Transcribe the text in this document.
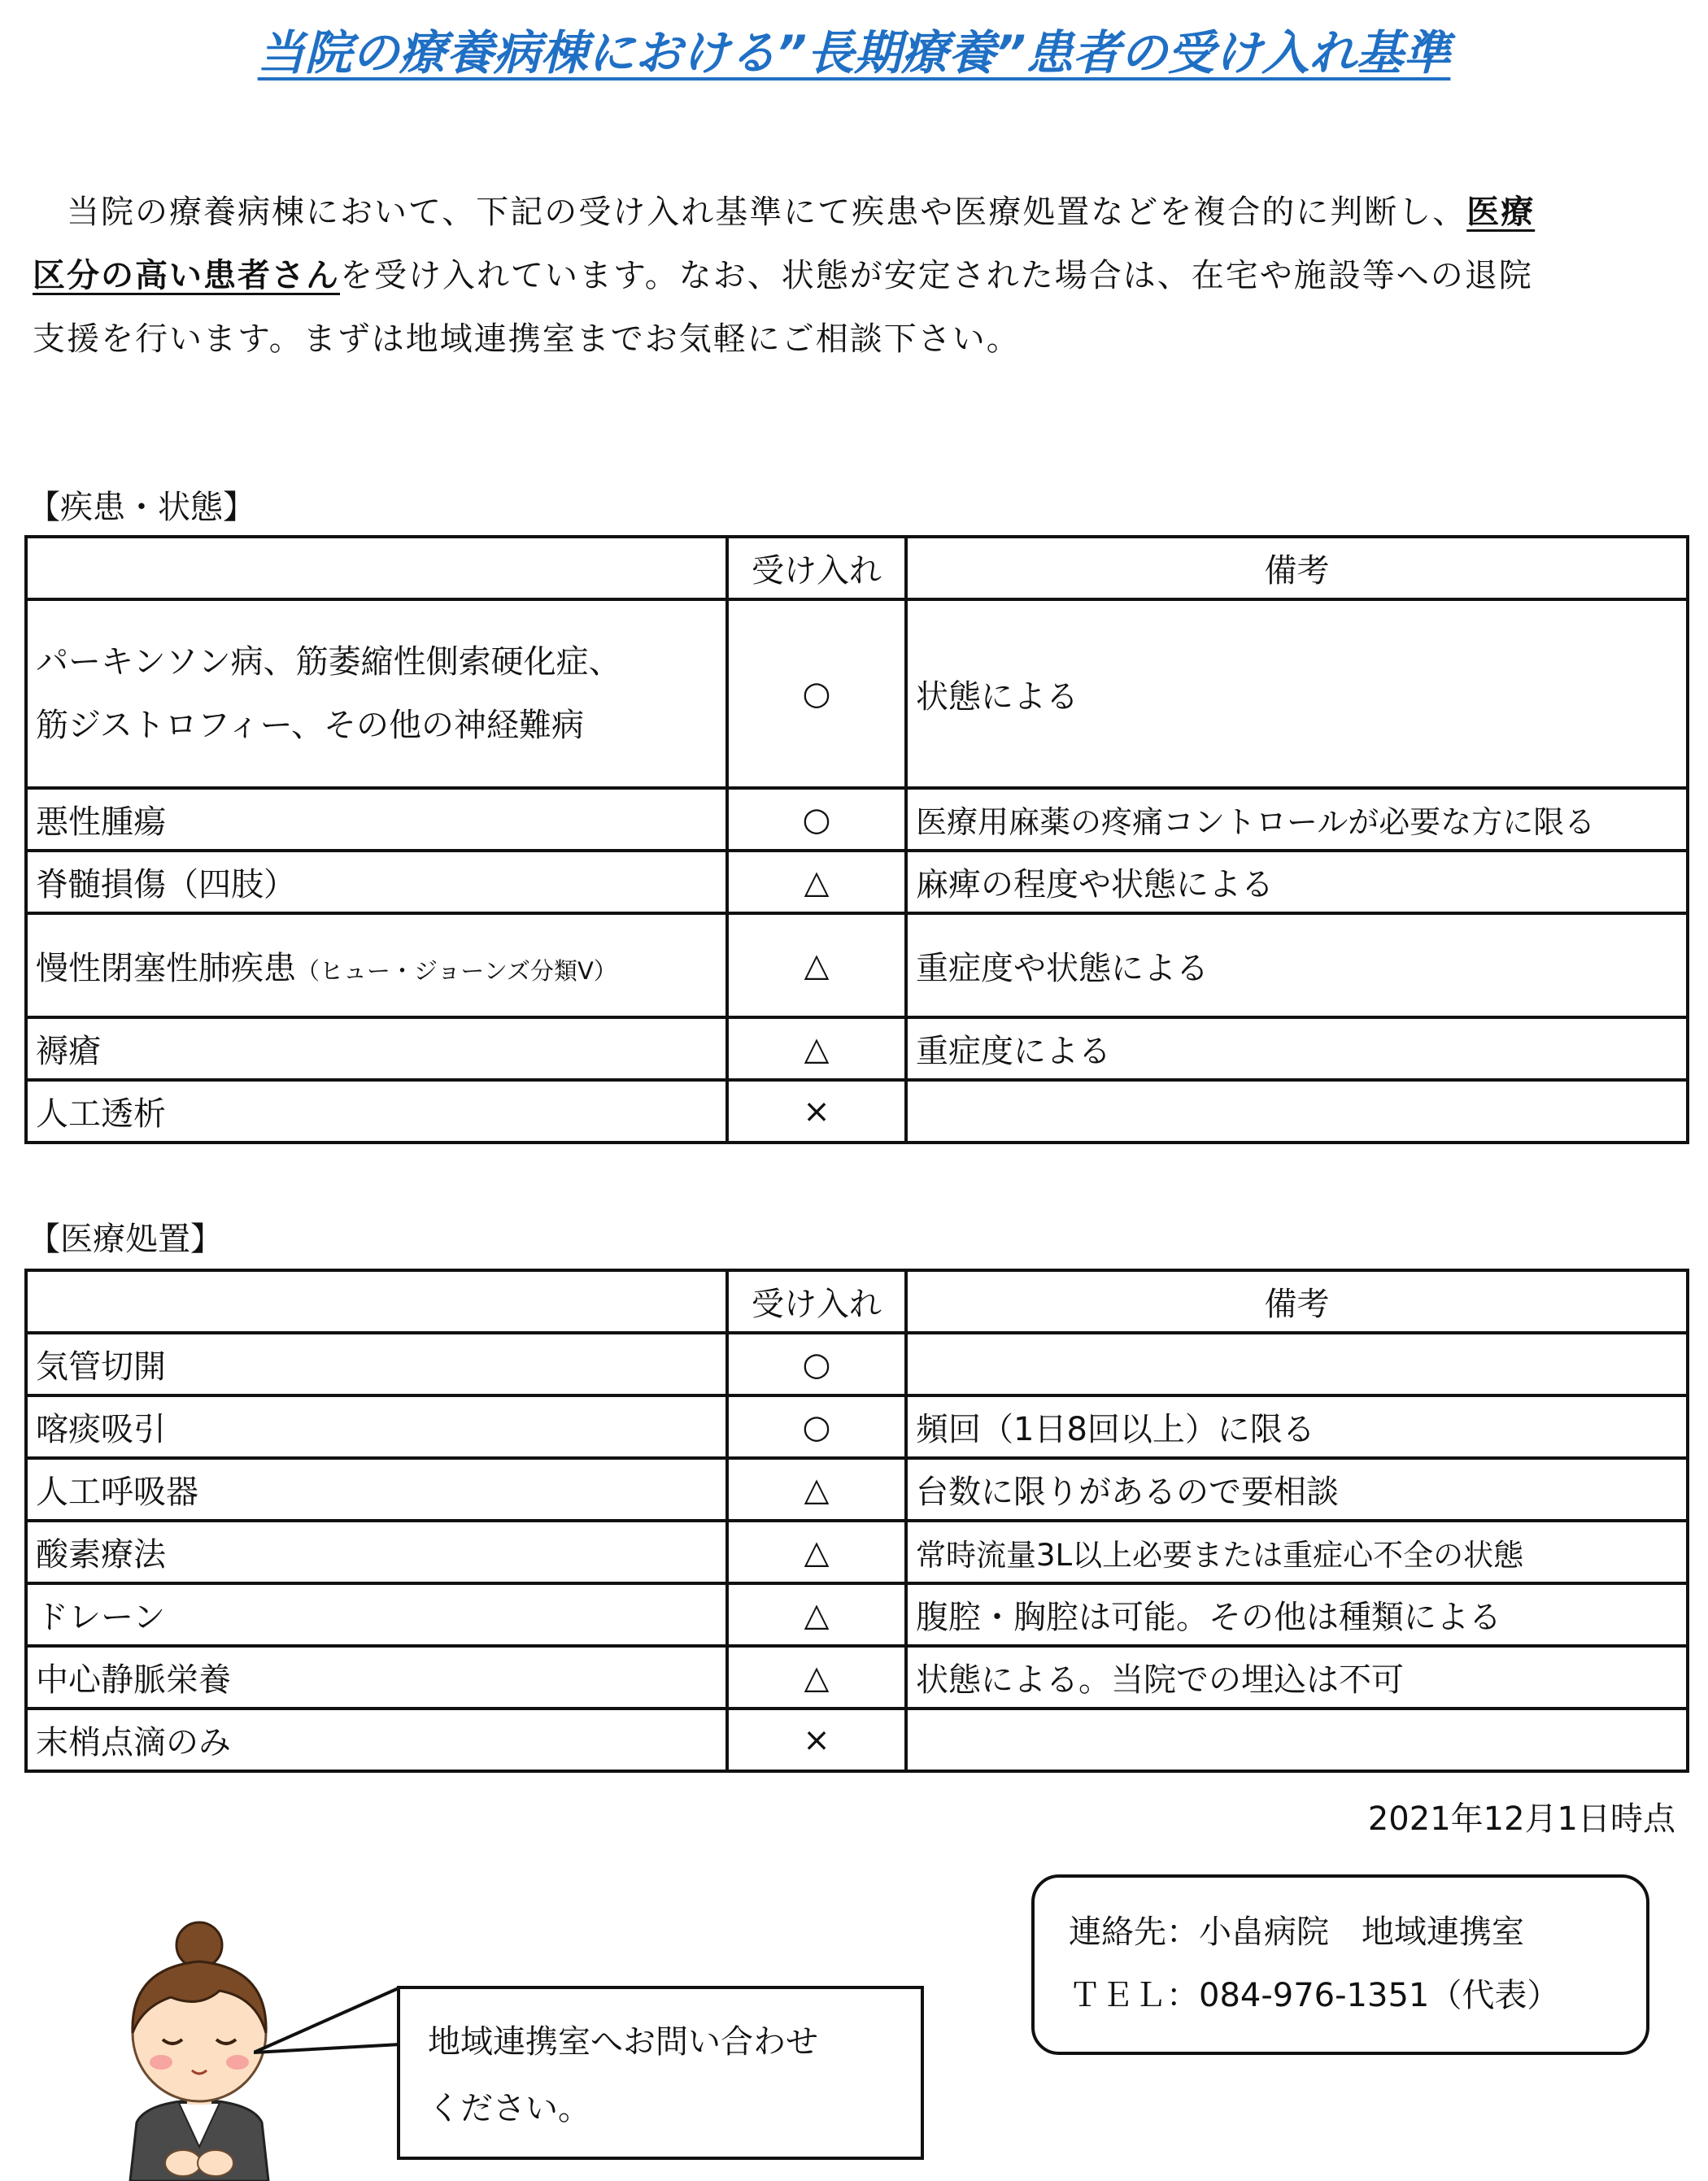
当院の療養病棟における”長期療養”患者の受け入れ基準
　当院の療養病棟において、下記の受け入れ基準にて疾患や医療処置などを複合的に判断し、医療
区分の高い患者さんを受け入れています。なお、状態が安定された場合は、在宅や施設等への退院
支援を行います。まずは地域連携室までお気軽にご相談下さい。
【疾患・状態】
	受け入れ	備考

パーキンソン病、筋萎縮性側索硬化症、
筋ジストロフィー、その他の神経難病	○	状態による
悪性腫瘍	○	医療用麻薬の疼痛コントロールが必要な方に限る
脊髄損傷（四肢）	△	麻痺の程度や状態による
慢性閉塞性肺疾患（ヒュー・ジョーンズ分類Ⅴ）	△	重症度や状態による
褥瘡	△	重症度による
人工透析	×	
【医療処置】
	受け入れ	備考
気管切開	○	
喀痰吸引	○	頻回（1日8回以上）に限る
人工呼吸器	△	台数に限りがあるので要相談
酸素療法	△	常時流量3L以上必要または重症心不全の状態
ドレーン	△	腹腔・胸腔は可能。その他は種類による
中心静脈栄養	△	状態による。当院での埋込は不可
末梢点滴のみ	×	
2021年12月1日時点
連絡先：小畠病院　地域連携室
ＴＥＬ：084-976-1351（代表）
地域連携室へお問い合わせ
ください。
